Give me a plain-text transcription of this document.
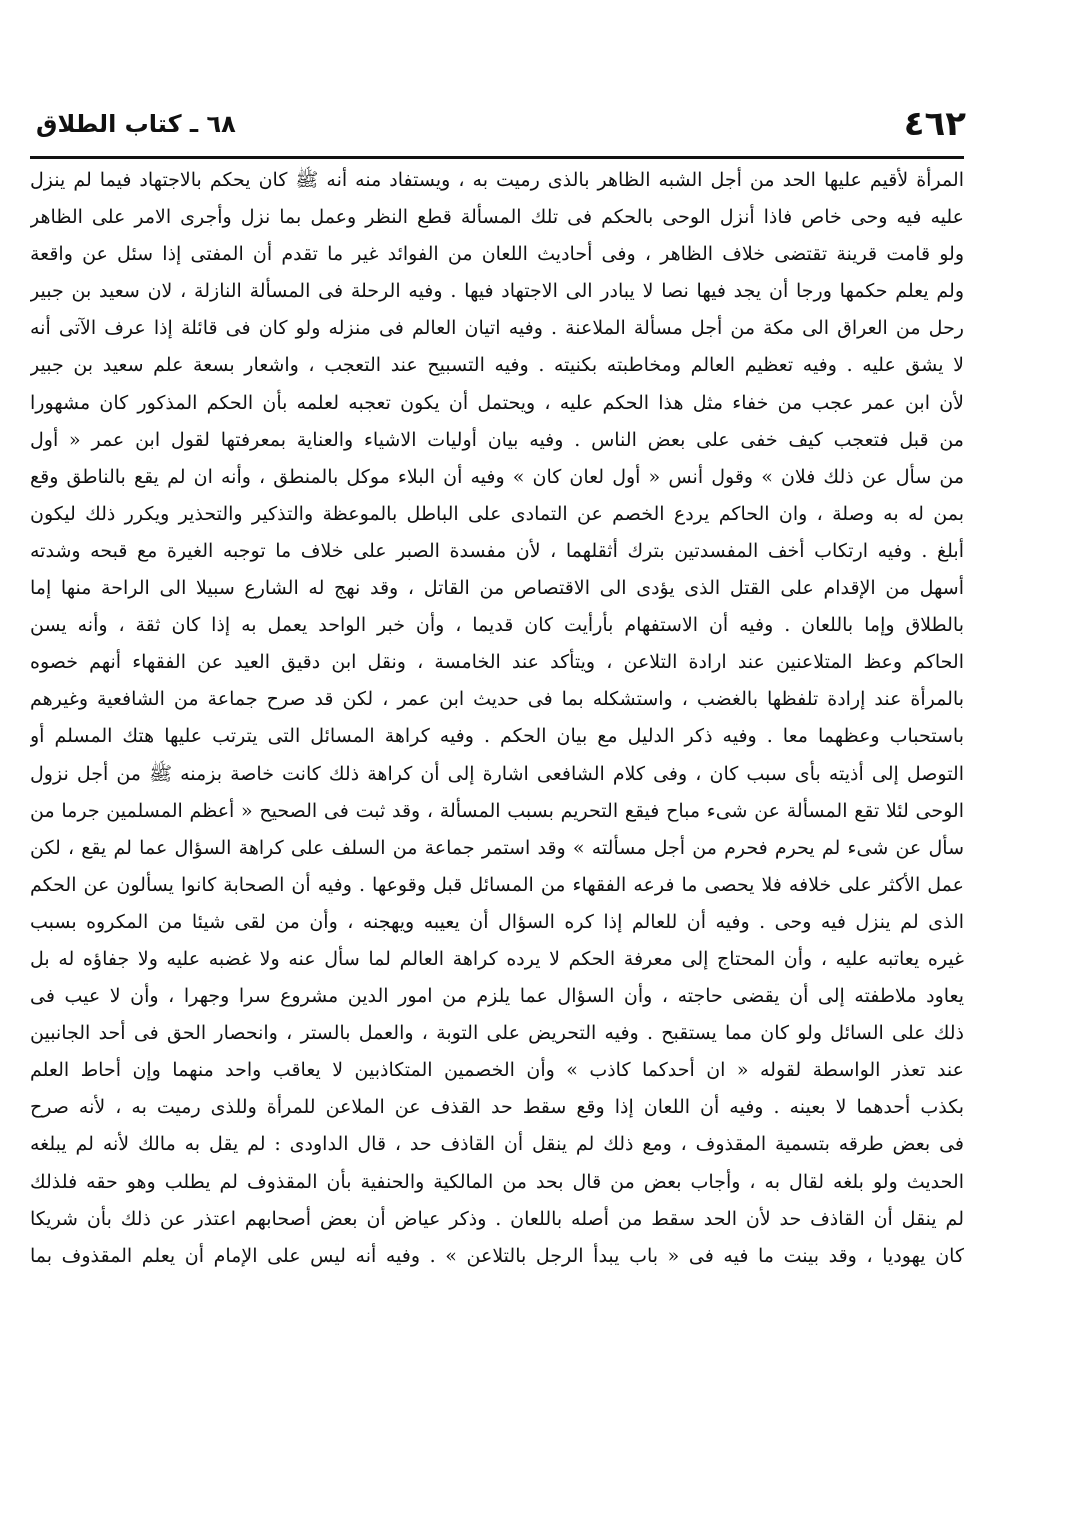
٤٦٢
٦٨ ـ كتاب الطلاق
المرأة لأقيم عليها الحد من أجل الشبه الظاهر بالذى رميت به ، ويستفاد منه أنه ﷺ كان يحكم بالاجتهاد فيما لم ينزل
عليه فيه وحى خاص فاذا أنزل الوحى بالحكم فى تلك المسألة قطع النظر وعمل بما نزل وأجرى الامر على الظاهر
ولو قامت قرينة تقتضى خلاف الظاهر ، وفى أحاديث اللعان من الفوائد غير ما تقدم أن المفتى إذا سئل عن واقعة
ولم يعلم حكمها ورجا أن يجد فيها نصا لا يبادر الى الاجتهاد فيها . وفيه الرحلة فى المسألة النازلة ، لان سعيد بن جبير
رحل من العراق الى مكة من أجل مسألة الملاعنة . وفيه اتيان العالم فى منزله ولو كان فى قائلة إذا عرف الآتى أنه
لا يشق عليه . وفيه تعظيم العالم ومخاطبته بكنيته . وفيه التسبيح عند التعجب ، واشعار بسعة علم سعيد بن جبير
لأن ابن عمر عجب من خفاء مثل هذا الحكم عليه ، ويحتمل أن يكون تعجبه لعلمه بأن الحكم المذكور كان مشهورا
من قبل فتعجب كيف خفى على بعض الناس . وفيه بيان أوليات الاشياء والعناية بمعرفتها لقول ابن عمر « أول
من سأل عن ذلك فلان » وقول أنس « أول لعان كان » وفيه أن البلاء موكل بالمنطق ، وأنه ان لم يقع بالناطق وقع
بمن له به وصلة ، وان الحاكم يردع الخصم عن التمادى على الباطل بالموعظة والتذكير والتحذير ويكرر ذلك ليكون
أبلغ . وفيه ارتكاب أخف المفسدتين بترك أثقلهما ، لأن مفسدة الصبر على خلاف ما توجبه الغيرة مع قبحه وشدته
أسهل من الإقدام على القتل الذى يؤدى الى الاقتصاص من القاتل ، وقد نهج له الشارع سبيلا الى الراحة منها إما
بالطلاق وإما باللعان . وفيه أن الاستفهام بأرأيت كان قديما ، وأن خبر الواحد يعمل به إذا كان ثقة ، وأنه يسن
الحاكم وعظ المتلاعنين عند ارادة التلاعن ، ويتأكد عند الخامسة ، ونقل ابن دقيق العيد عن الفقهاء أنهم خصوه
بالمرأة عند إرادة تلفظها بالغضب ، واستشكله بما فى حديث ابن عمر ، لكن قد صرح جماعة من الشافعية وغيرهم
باستحباب وعظهما معا . وفيه ذكر الدليل مع بيان الحكم . وفيه كراهة المسائل التى يترتب عليها هتك المسلم أو
التوصل إلى أذيته بأى سبب كان ، وفى كلام الشافعى اشارة إلى أن كراهة ذلك كانت خاصة بزمنه ﷺ من أجل نزول
الوحى لئلا تقع المسألة عن شىء مباح فيقع التحريم بسبب المسألة ، وقد ثبت فى الصحيح « أعظم المسلمين جرما من
سأل عن شىء لم يحرم فحرم من أجل مسألته » وقد استمر جماعة من السلف على كراهة السؤال عما لم يقع ، لكن
عمل الأكثر على خلافه فلا يحصى ما فرعه الفقهاء من المسائل قبل وقوعها . وفيه أن الصحابة كانوا يسألون عن الحكم
الذى لم ينزل فيه وحى . وفيه أن للعالم إذا كره السؤال أن يعيبه ويهجنه ، وأن من لقى شيئا من المكروه بسبب
غيره يعاتبه عليه ، وأن المحتاج إلى معرفة الحكم لا يرده كراهة العالم لما سأل عنه ولا غضبه عليه ولا جفاؤه له بل
يعاود ملاطفته إلى أن يقضى حاجته ، وأن السؤال عما يلزم من امور الدين مشروع سرا وجهرا ، وأن لا عيب فى
ذلك على السائل ولو كان مما يستقبح . وفيه التحريض على التوبة ، والعمل بالستر ، وانحصار الحق فى أحد الجانبين
عند تعذر الواسطة لقوله « ان أحدكما كاذب » وأن الخصمين المتكاذبين لا يعاقب واحد منهما وإن أحاط العلم
بكذب أحدهما لا بعينه . وفيه أن اللعان إذا وقع سقط حد القذف عن الملاعن للمرأة وللذى رميت به ، لأنه صرح
فى بعض طرقه بتسمية المقذوف ، ومع ذلك لم ينقل أن القاذف حد ، قال الداودى : لم يقل به مالك لأنه لم يبلغه
الحديث ولو بلغه لقال به ، وأجاب بعض من قال بحد من المالكية والحنفية بأن المقذوف لم يطلب وهو حقه فلذلك
لم ينقل أن القاذف حد لأن الحد سقط من أصله باللعان . وذكر عياض أن بعض أصحابهم اعتذر عن ذلك بأن شريكا
كان يهوديا ، وقد بينت ما فيه فى « باب يبدأ الرجل بالتلاعن » . وفيه أنه ليس على الإمام أن يعلم المقذوف بما
